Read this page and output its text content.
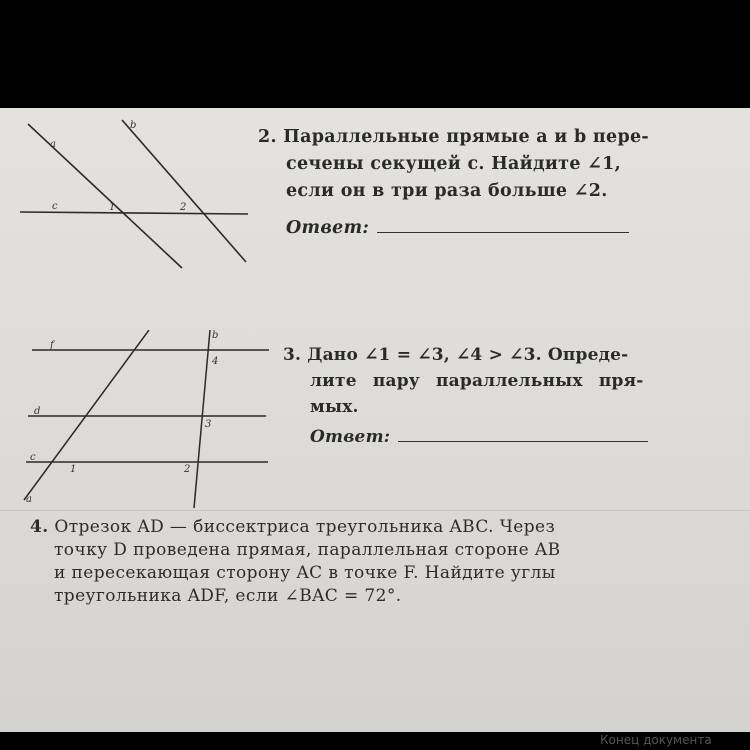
a
b
c	1	2
2. Параллельные прямые a и b пере-
сечены секущей c. Найдите ∠1,
если он в три раза больше ∠2.
Ответ:
f
b
4
d
3
c
1	2
a
3. Дано ∠1 = ∠3, ∠4 > ∠3. Опреде-
лите пару параллельных пря-
мых.
Ответ:
4. Отрезок AD — биссектриса треугольника ABC. Через
точку D проведена прямая, параллельная стороне AB
и пересекающая сторону AC в точке F. Найдите углы
треугольника ADF, если ∠BAC = 72°.
Конец документа
